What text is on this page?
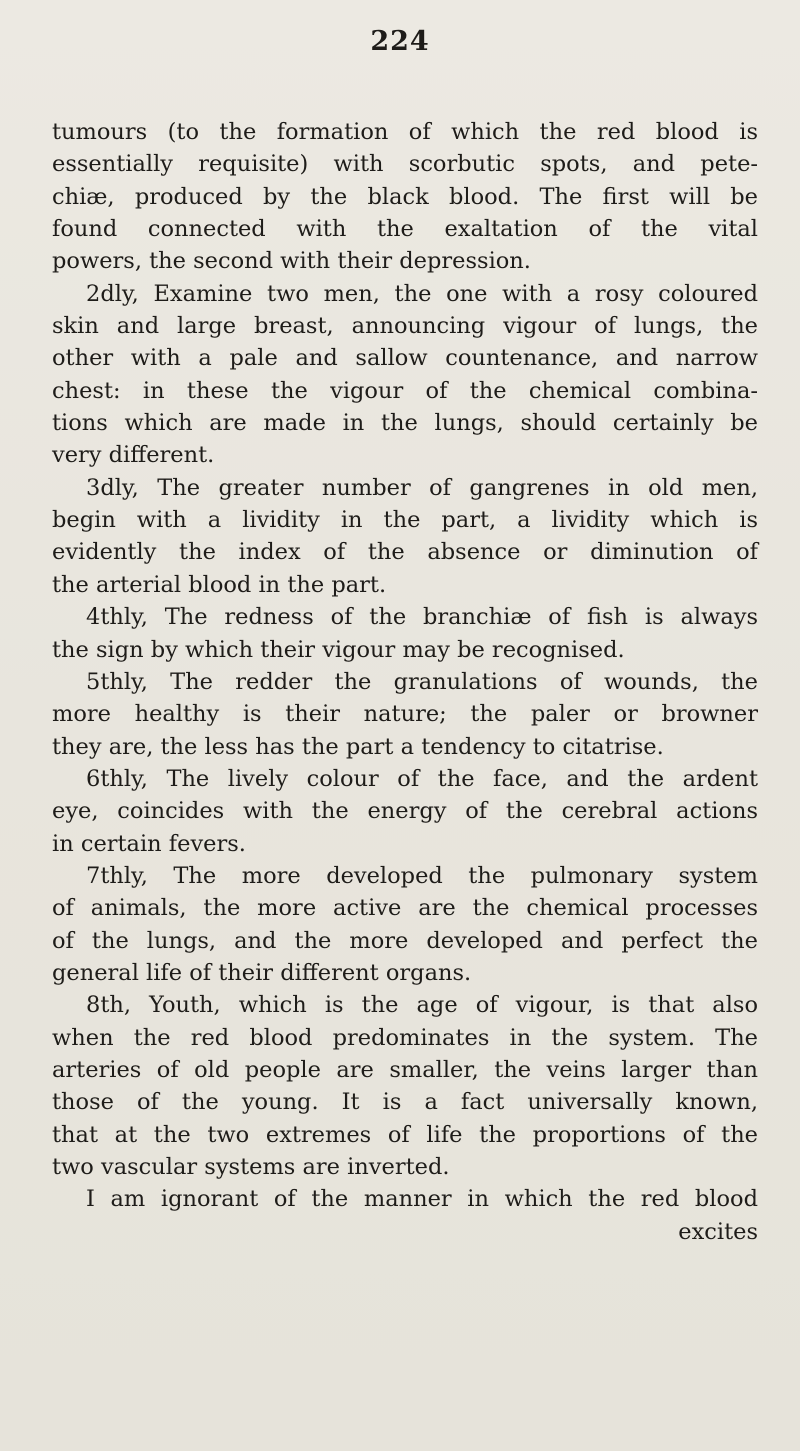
224
tumours (to the formation of which the red blood is
essentially requisite) with scorbutic spots, and pete-
chiæ, produced by the black blood. The first will be
found connected with the exaltation of the vital
powers, the second with their depression.
2dly, Examine two men, the one with a rosy coloured
skin and large breast, announcing vigour of lungs, the
other with a pale and sallow countenance, and narrow
chest: in these the vigour of the chemical combina-
tions which are made in the lungs, should certainly be
very different.
3dly, The greater number of gangrenes in old men,
begin with a lividity in the part, a lividity which is
evidently the index of the absence or diminution of
the arterial blood in the part.
4thly, The redness of the branchiæ of fish is always
the sign by which their vigour may be recognised.
5thly, The redder the granulations of wounds, the
more healthy is their nature; the paler or browner
they are, the less has the part a tendency to citatrise.
6thly, The lively colour of the face, and the ardent
eye, coincides with the energy of the cerebral actions
in certain fevers.
7thly, The more developed the pulmonary system
of animals, the more active are the chemical processes
of the lungs, and the more developed and perfect the
general life of their different organs.
8th, Youth, which is the age of vigour, is that also
when the red blood predominates in the system. The
arteries of old people are smaller, the veins larger than
those of the young. It is a fact universally known,
that at the two extremes of life the proportions of the
two vascular systems are inverted.
I am ignorant of the manner in which the red blood
excites
